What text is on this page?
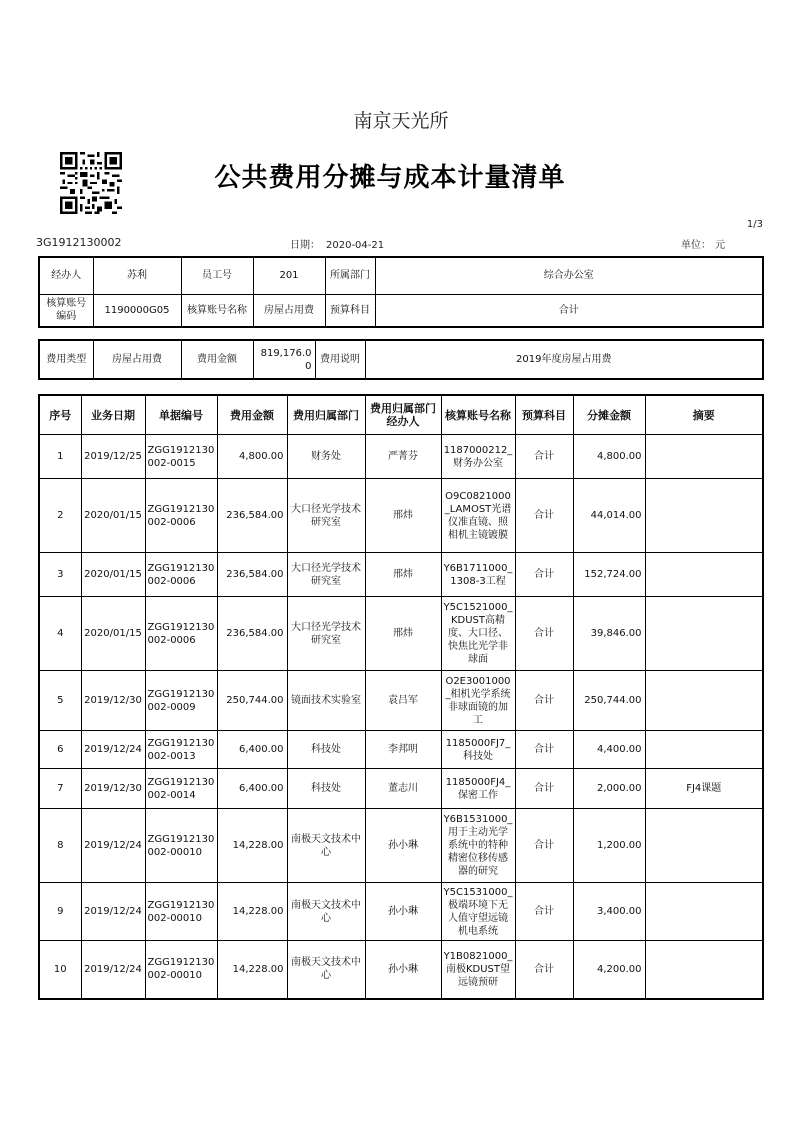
南京天光所
公共费用分摊与成本计量清单
1/3
3G1912130002	日期： 2020-04-21	单位： 元
经办人	苏利	员工号	201	所属部门	综合办公室
核算账号编码	1190000G05	核算账号名称	房屋占用费	预算科目	合计
费用类型	房屋占用费	费用金额	819,176.00	费用说明	2019年度房屋占用费
序号	业务日期	单据编号	费用金额	费用归属部门	费用归属部门经办人	核算账号名称	预算科目	分摊金额	摘要
1	2019/12/25	ZGG1912130002-0015	4,800.00	财务处	严菁芬	1187000212_财务办公室	合计	4,800.00	
2	2020/01/15	ZGG1912130002-0006	236,584.00	大口径光学技术研究室	邢炜	O9C0821000_LAMOST光谱仪准直镜、照相机主镜镀膜	合计	44,014.00	
3	2020/01/15	ZGG1912130002-0006	236,584.00	大口径光学技术研究室	邢炜	Y6B1711000_1308-3工程	合计	152,724.00	
4	2020/01/15	ZGG1912130002-0006	236,584.00	大口径光学技术研究室	邢炜	Y5C1521000_KDUST高精度、大口径、快焦比光学非球面	合计	39,846.00	
5	2019/12/30	ZGG1912130002-0009	250,744.00	镜面技术实验室	袁吕军	O2E3001000_相机光学系统非球面镜的加工	合计	250,744.00	
6	2019/12/24	ZGG1912130002-0013	6,400.00	科技处	李邦明	1185000FJ7_科技处	合计	4,400.00	
7	2019/12/30	ZGG1912130002-0014	6,400.00	科技处	董志川	1185000FJ4_保密工作	合计	2,000.00	FJ4课题
8	2019/12/24	ZGG1912130002-00010	14,228.00	南极天文技术中心	孙小琳	Y6B1531000_用于主动光学系统中的特种精密位移传感器的研究	合计	1,200.00	
9	2019/12/24	ZGG1912130002-00010	14,228.00	南极天文技术中心	孙小琳	Y5C1531000_极端环境下无人值守望远镜机电系统	合计	3,400.00	
10	2019/12/24	ZGG1912130002-00010	14,228.00	南极天文技术中心	孙小琳	Y1B0821000_南极KDUST望远镜预研	合计	4,200.00	
